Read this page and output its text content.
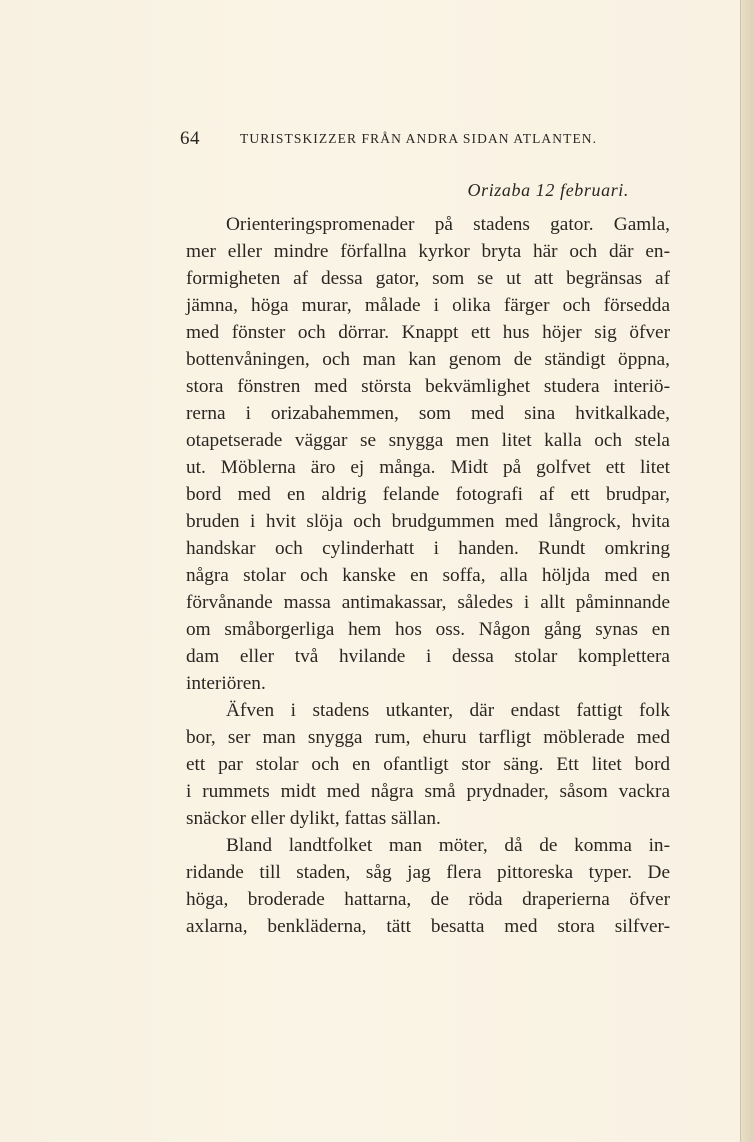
64	TURISTSKIZZER FRÅN ANDRA SIDAN ATLANTEN.
Orizaba 12 februari.
Orienteringspromenader på stadens gator. Gamla,
mer eller mindre förfallna kyrkor bryta här och där en-
formigheten af dessa gator, som se ut att begränsas af
jämna, höga murar, målade i olika färger och försedda
med fönster och dörrar. Knappt ett hus höjer sig öfver
bottenvåningen, och man kan genom de ständigt öppna,
stora fönstren med största bekvämlighet studera interiö-
rerna i orizabahemmen, som med sina hvitkalkade,
otapetserade väggar se snygga men litet kalla och stela
ut. Möblerna äro ej många. Midt på golfvet ett litet
bord med en aldrig felande fotografi af ett brudpar,
bruden i hvit slöja och brudgummen med långrock, hvita
handskar och cylinderhatt i handen. Rundt omkring
några stolar och kanske en soffa, alla höljda med en
förvånande massa antimakassar, således i allt påminnande
om småborgerliga hem hos oss. Någon gång synas en
dam eller två hvilande i dessa stolar komplettera
interiören.
Äfven i stadens utkanter, där endast fattigt folk
bor, ser man snygga rum, ehuru tarfligt möblerade med
ett par stolar och en ofantligt stor säng. Ett litet bord
i rummets midt med några små prydnader, såsom vackra
snäckor eller dylikt, fattas sällan.
Bland landtfolket man möter, då de komma in-
ridande till staden, såg jag flera pittoreska typer. De
höga, broderade hattarna, de röda draperierna öfver
axlarna, benkläderna, tätt besatta med stora silfver-
